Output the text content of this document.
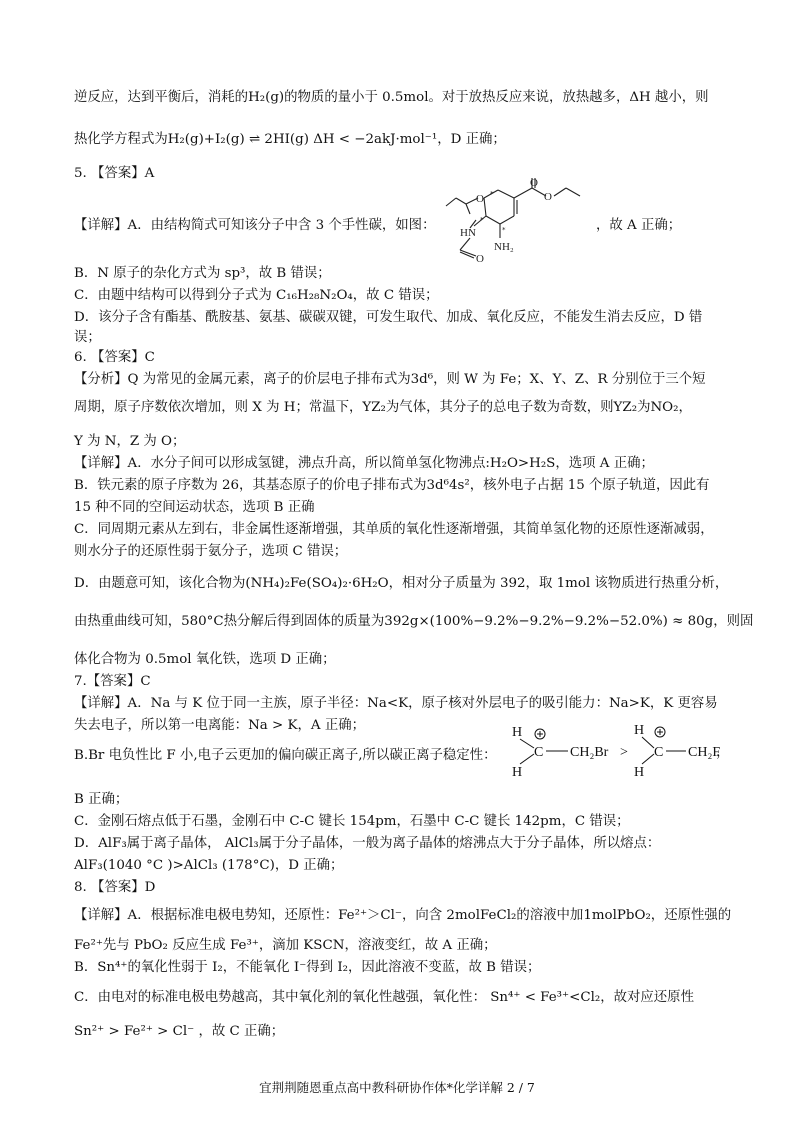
逆反应，达到平衡后，消耗的H₂(g)的物质的量小于 0.5mol。对于放热反应来说，放热越多，ΔH 越小，则
热化学方程式为H₂(g)+I₂(g) ⇌ 2HI(g) ΔH < −2akJ·mol⁻¹，D 正确；
5. 【答案】A
【详解】A．由结构简式可知该分子中含 3 个手性碳，如图：	，故 A 正确；
B．N 原子的杂化方式为 sp³，故 B 错误；
C．由题中结构可以得到分子式为 C₁₆H₂₈N₂O₄，故 C 错误；
D．该分子含有酯基、酰胺基、氨基、碳碳双键，可发生取代、加成、氧化反应，不能发生消去反应，D 错
误；
6. 【答案】C
【分析】Q 为常见的金属元素，离子的价层电子排布式为3d⁶，则 W 为 Fe；X、Y、Z、R 分别位于三个短
周期，原子序数依次增加，则 X 为 H；常温下，YZ₂为气体，其分子的总电子数为奇数，则YZ₂为NO₂，
Y 为 N，Z 为 O；
【详解】A．水分子间可以形成氢键，沸点升高，所以简单氢化物沸点:H₂O>H₂S，选项 A 正确；
B．铁元素的原子序数为 26，其基态原子的价电子排布式为3d⁶4s²，核外电子占据 15 个原子轨道，因此有
15 种不同的空间运动状态，选项 B 正确
C．同周期元素从左到右，非金属性逐渐增强，其单质的氧化性逐渐增强，其简单氢化物的还原性逐渐减弱，
则水分子的还原性弱于氨分子，选项 C 错误；
D．由题意可知，该化合物为(NH₄)₂Fe(SO₄)₂·6H₂O，相对分子质量为 392，取 1mol 该物质进行热重分析，
由热重曲线可知，580°C热分解后得到固体的质量为392g×(100%−9.2%−9.2%−9.2%−52.0%) ≈ 80g，则固
体化合物为 0.5mol 氧化铁，选项 D 正确；
7.【答案】C
【详解】A．Na 与 K 位于同一主族，原子半径：Na<K，原子核对外层电子的吸引能力：Na>K，K 更容易
失去电子，所以第一电离能：Na > K，A 正确；
B.Br 电负性比 F 小,电子云更加的偏向碳正离子,所以碳正离子稳定性：
B 正确；
C．金刚石熔点低于石墨，金刚石中 C-C 键长 154pm，石墨中 C-C 键长 142pm，C 错误；
D．AlF₃属于离子晶体， AlCl₃属于分子晶体，一般为离子晶体的熔沸点大于分子晶体，所以熔点：
AlF₃(1040 °C )>AlCl₃ (178°C)，D 正确；
8. 【答案】D
【详解】A．根据标准电极电势知，还原性：Fe²⁺＞Cl⁻，向含 2molFeCl₂的溶液中加1molPbO₂，还原性强的
Fe²⁺先与 PbO₂ 反应生成 Fe³⁺，滴加 KSCN，溶液变红，故 A 正确；
B．Sn⁴⁺的氧化性弱于 I₂，不能氧化 I⁻得到 I₂，因此溶液不变蓝，故 B 错误；
C．由电对的标准电极电势越高，其中氧化剂的氧化性越强，氧化性： Sn⁴⁺ < Fe³⁺<Cl₂，故对应还原性
Sn²⁺ > Fe²⁺ > Cl⁻ ，故 C 正确；
O
O
O
HN
NH₂
O
*
*
*
H
H
C CH₂Br >
H
H
C CH₂F
，
宜荆荆随恩重点高中教科研协作体*化学详解 2 / 7
